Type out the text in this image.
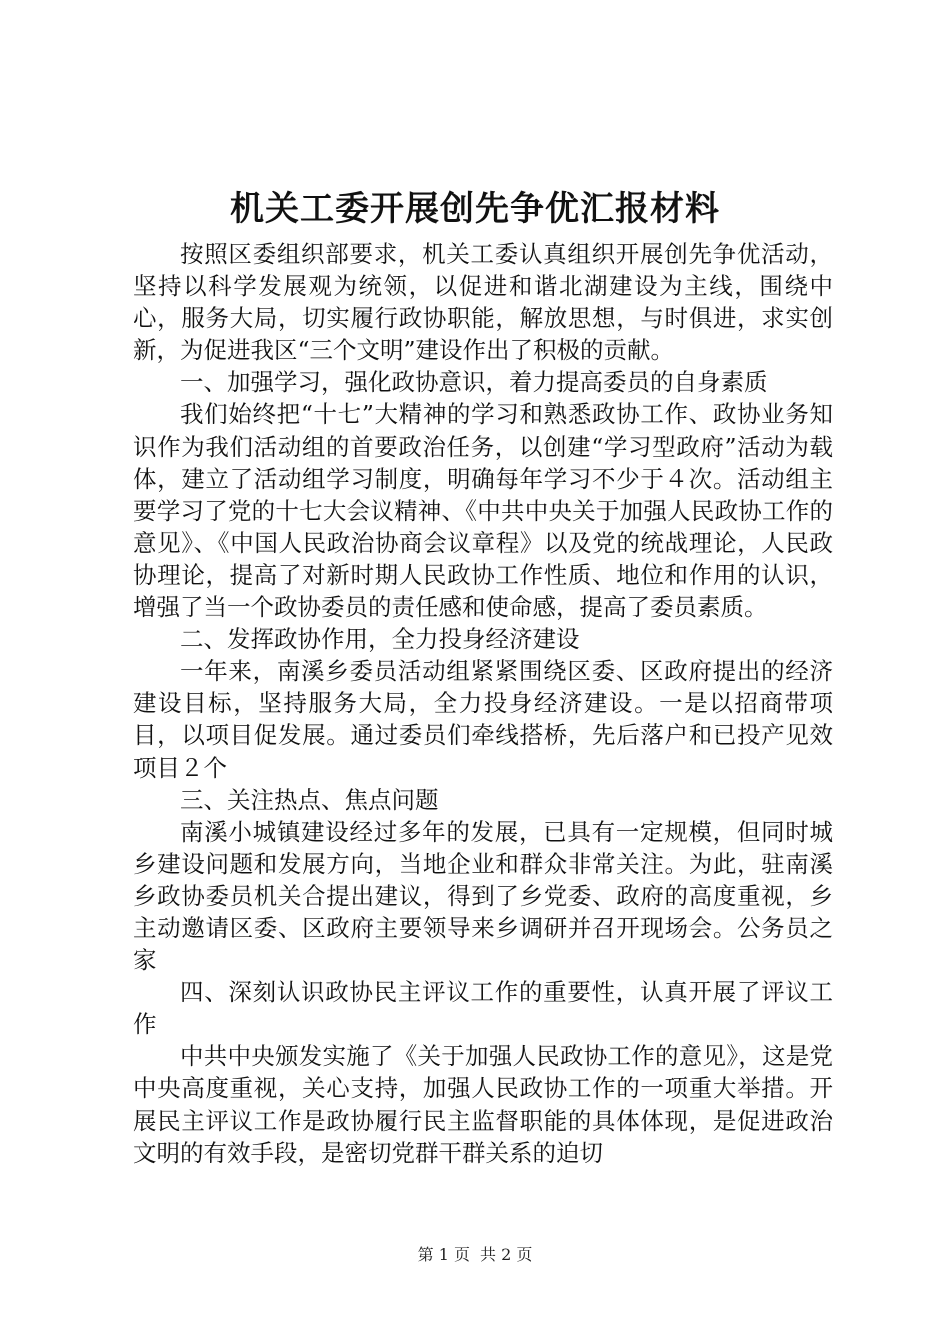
机关工委开展创先争优汇报材料

按照区委组织部要求，机关工委认真组织开展创先争优活动，坚持以科学发展观为统领，以促进和谐北湖建设为主线，围绕中心，服务大局，切实履行政协职能，解放思想，与时俱进，求实创新，为促进我区“三个文明”建设作出了积极的贡献。

一、加强学习，强化政协意识，着力提高委员的自身素质

我们始终把“十七”大精神的学习和熟悉政协工作、政协业务知识作为我们活动组的首要政治任务，以创建“学习型政府”活动为载体，建立了活动组学习制度，明确每年学习不少于４次。活动组主要学习了党的十七大会议精神、《中共中央关于加强人民政协工作的意见》、《中国人民政治协商会议章程》以及党的统战理论，人民政协理论，提高了对新时期人民政协工作性质、地位和作用的认识，增强了当一个政协委员的责任感和使命感，提高了委员素质。

二、发挥政协作用，全力投身经济建设

一年来，南溪乡委员活动组紧紧围绕区委、区政府提出的经济建设目标，坚持服务大局，全力投身经济建设。一是以招商带项目，以项目促发展。通过委员们牵线搭桥，先后落户和已投产见效项目２个

三、关注热点、焦点问题

南溪小城镇建设经过多年的发展，已具有一定规模，但同时城乡建设问题和发展方向，当地企业和群众非常关注。为此，驻南溪乡政协委员机关合提出建议，得到了乡党委、政府的高度重视，乡主动邀请区委、区政府主要领导来乡调研并召开现场会。公务员之家

四、深刻认识政协民主评议工作的重要性，认真开展了评议工作

中共中央颁发实施了《关于加强人民政协工作的意见》，这是党中央高度重视，关心支持，加强人民政协工作的一项重大举措。开展民主评议工作是政协履行民主监督职能的具体体现，是促进政治文明的有效手段，是密切党群干群关系的迫切

第 1 页 共 2 页
